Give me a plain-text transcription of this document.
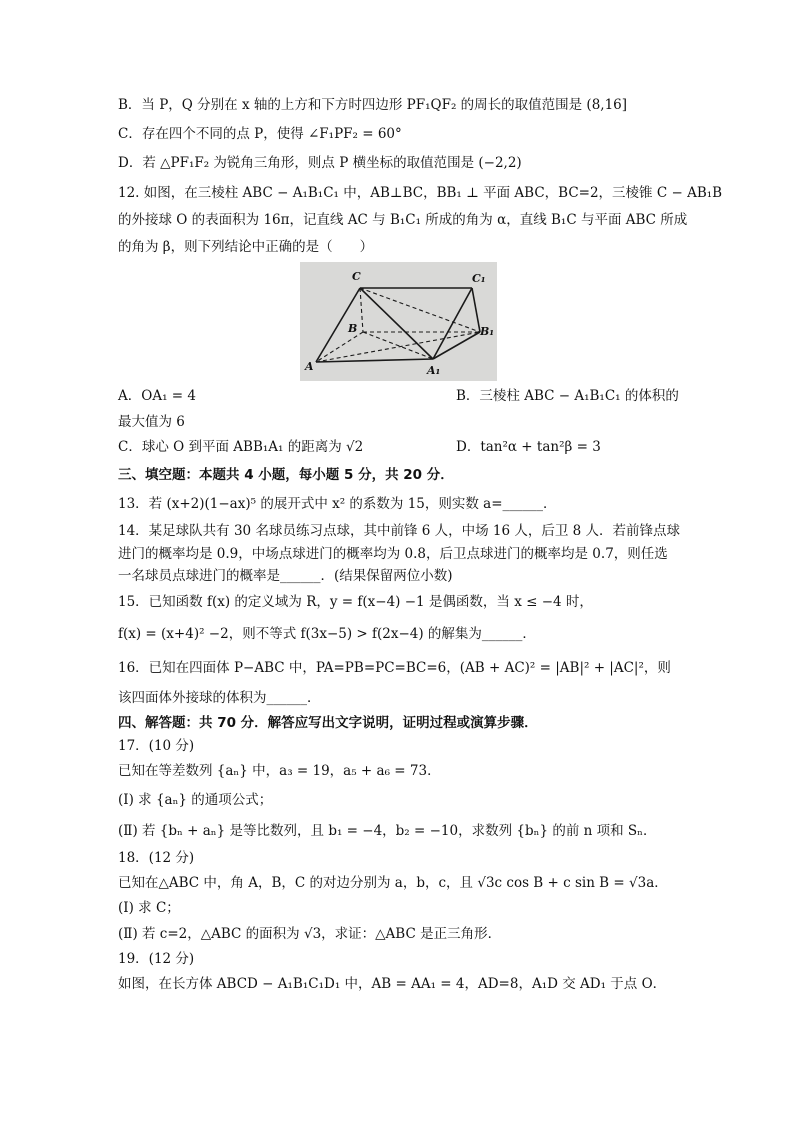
B．当 P，Q 分别在 x 轴的上方和下方时四边形 PF₁QF₂ 的周长的取值范围是 (8,16]
C．存在四个不同的点 P，使得 ∠F₁PF₂ = 60°
D．若 △PF₁F₂ 为锐角三角形，则点 P 横坐标的取值范围是 (−2,2)
12. 如图，在三棱柱 ABC − A₁B₁C₁ 中，AB⊥BC，BB₁ ⊥ 平面 ABC，BC=2，三棱锥 C − AB₁B
的外接球 O 的表面积为 16π，记直线 AC 与 B₁C₁ 所成的角为 α，直线 B₁C 与平面 ABC 所成
的角为 β，则下列结论中正确的是（　　）
C	C₁
B	B₁
A	A₁
A．OA₁ = 4	B．三棱柱 ABC − A₁B₁C₁ 的体积的
最大值为 6
C．球心 O 到平面 ABB₁A₁ 的距离为 √2	D．tan²α + tan²β = 3
三、填空题：本题共 4 小题，每小题 5 分，共 20 分．
13．若 (x+2)(1−ax)⁵ 的展开式中 x² 的系数为 15，则实数 a=______．
14．某足球队共有 30 名球员练习点球，其中前锋 6 人，中场 16 人，后卫 8 人．若前锋点球
进门的概率均是 0.9，中场点球进门的概率均为 0.8，后卫点球进门的概率均是 0.7，则任选
一名球员点球进门的概率是______．(结果保留两位小数)
15．已知函数 f(x) 的定义域为 R，y = f(x−4) −1 是偶函数，当 x ≤ −4 时，
f(x) = (x+4)² −2，则不等式 f(3x−5) > f(2x−4) 的解集为______．
16．已知在四面体 P−ABC 中，PA=PB=PC=BC=6，(AB + AC)² = |AB|² + |AC|²，则
该四面体外接球的体积为______．
四、解答题：共 70 分．解答应写出文字说明，证明过程或演算步骤．
17．(10 分)
已知在等差数列 {aₙ} 中，a₃ = 19，a₅ + a₆ = 73．
(Ⅰ) 求 {aₙ} 的通项公式；
(Ⅱ) 若 {bₙ + aₙ} 是等比数列，且 b₁ = −4，b₂ = −10，求数列 {bₙ} 的前 n 项和 Sₙ．
18．(12 分)
已知在△ABC 中，角 A，B，C 的对边分别为 a，b，c，且 √3c cos B + c sin B = √3a．
(Ⅰ) 求 C；
(Ⅱ) 若 c=2，△ABC 的面积为 √3，求证：△ABC 是正三角形．
19．(12 分)
如图，在长方体 ABCD − A₁B₁C₁D₁ 中，AB = AA₁ = 4，AD=8，A₁D 交 AD₁ 于点 O．
